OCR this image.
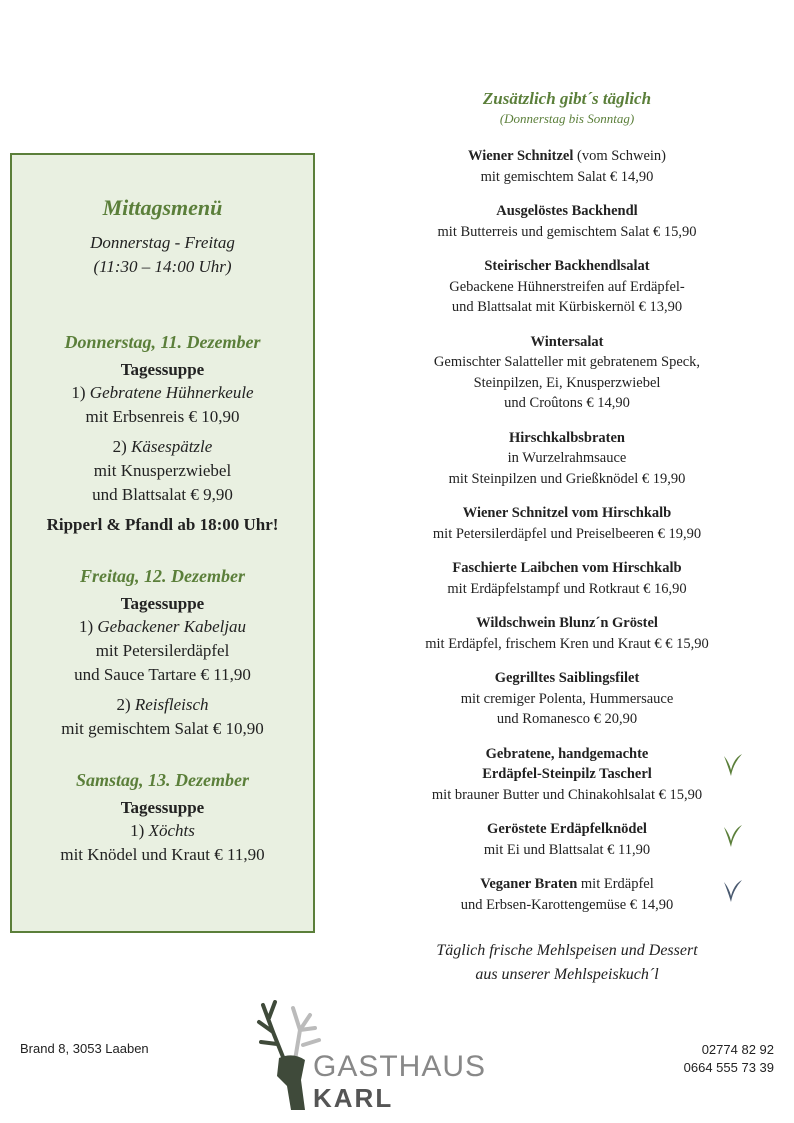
Mittagsmenü
Donnerstag - Freitag
(11:30 – 14:00 Uhr)
Donnerstag, 11. Dezember
Tagessuppe
1) Gebratene Hühnerkeule
mit Erbsenreis € 10,90
2) Käsespätzle
mit Knusperzwiebel
und Blattsalat € 9,90
Ripperl & Pfandl ab 18:00 Uhr!
Freitag, 12. Dezember
Tagessuppe
1) Gebackener Kabeljau
mit Petersilerdäpfel
und Sauce Tartare € 11,90
2) Reisfleisch
mit gemischtem Salat € 10,90
Samstag, 13. Dezember
Tagessuppe
1) Xöchts
mit Knödel und Kraut € 11,90
Zusätzlich gibt´s täglich
(Donnerstag bis Sonntag)
Wiener Schnitzel (vom Schwein)
mit gemischtem Salat € 14,90
Ausgelöstes Backhendl
mit Butterreis und gemischtem Salat € 15,90
Steirischer Backhendlsalat
Gebackene Hühnerstreifen auf Erdäpfel-
und Blattsalat mit Kürbiskernöl € 13,90
Wintersalat
Gemischter Salatteller mit gebratenem Speck,
Steinpilzen, Ei, Knusperzwiebel
und Croûtons € 14,90
Hirschkalbsbraten
in Wurzelrahmsauce
mit Steinpilzen und Grießknödel € 19,90
Wiener Schnitzel vom Hirschkalb
mit Petersilerdäpfel und Preiselbeeren € 19,90
Faschierte Laibchen vom Hirschkalb
mit Erdäpfelstampf und Rotkraut € 16,90
Wildschwein Blunz´n Gröstel
mit Erdäpfel, frischem Kren und Kraut € € 15,90
Gegrilltes Saiblingsfilet
mit cremiger Polenta, Hummersauce
und Romanesco € 20,90
Gebratene, handgemachte
Erdäpfel-Steinpilz Tascherl
mit brauner Butter und Chinakohlsalat € 15,90
Geröstete Erdäpfelknödel
mit Ei und Blattsalat € 11,90
Veganer Braten mit Erdäpfel
und Erbsen-Karottengemüse € 14,90
Täglich frische Mehlspeisen und Dessert
aus unserer Mehlspeiskuch´l
Brand 8, 3053 Laaben
GASTHAUS
KARL
02774 82 92
0664 555 73 39
